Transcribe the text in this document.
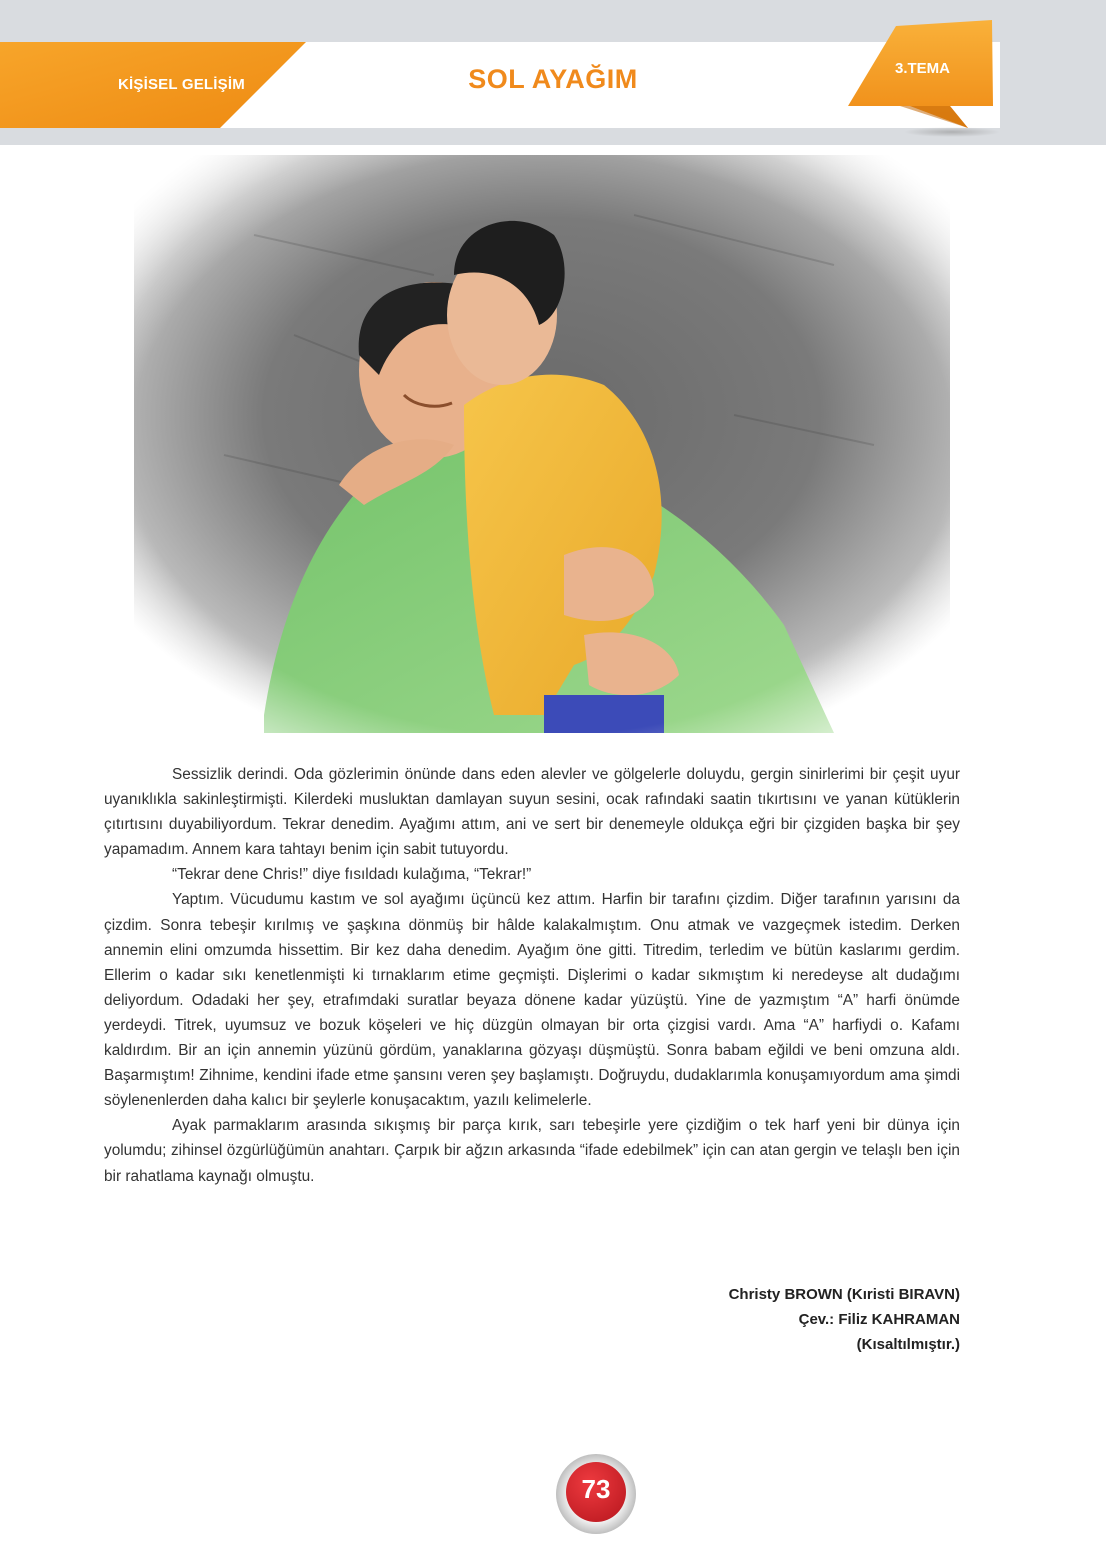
KİŞİSEL GELİŞİM	SOL AYAĞIM	3.TEMA

Sessizlik derindi. Oda gözlerimin önünde dans eden alevler ve gölgelerle doluydu, gergin sinirlerimi bir çeşit uyur uyanıklıkla sakinleştirmişti. Kilerdeki musluktan damlayan suyun sesini, ocak rafındaki saatin tıkırtısını ve yanan kütüklerin çıtırtısını duyabiliyordum. Tekrar denedim. Ayağımı attım, ani ve sert bir denemeyle oldukça eğri bir çizgiden başka bir şey yapamadım. Annem kara tahtayı benim için sabit tutuyordu.

“Tekrar dene Chris!” diye fısıldadı kulağıma, “Tekrar!”

Yaptım. Vücudumu kastım ve sol ayağımı üçüncü kez attım. Harfin bir tarafını çizdim. Diğer tarafının yarısını da çizdim. Sonra tebeşir kırılmış ve şaşkına dönmüş bir hâlde kalakalmıştım. Onu atmak ve vazgeçmek istedim. Derken annemin elini omzumda hissettim. Bir kez daha denedim. Ayağım öne gitti. Titredim, terledim ve bütün kaslarımı gerdim. Ellerim o kadar sıkı kenetlenmişti ki tırnaklarım etime geçmişti. Dişlerimi o kadar sıkmıştım ki neredeyse alt dudağımı deliyordum. Odadaki her şey, etrafımdaki suratlar beyaza dönene kadar yüzüştü. Yine de yazmıştım “A” harfi önümde yerdeydi. Titrek, uyumsuz ve bozuk köşeleri ve hiç düzgün olmayan bir orta çizgisi vardı. Ama “A” harfiydi o. Kafamı kaldırdım. Bir an için annemin yüzünü gördüm, yanaklarına gözyaşı düşmüştü. Sonra babam eğildi ve beni omzuna aldı. Başarmıştım! Zihnime, kendini ifade etme şansını veren şey başlamıştı. Doğruydu, dudaklarımla konuşamıyordum ama şimdi söylenenlerden daha kalıcı bir şeylerle konuşacaktım, yazılı kelimelerle.

Ayak parmaklarım arasında sıkışmış bir parça kırık, sarı tebeşirle yere çizdiğim o tek harf yeni bir dünya için yolumdu; zihinsel özgürlüğümün anahtarı. Çarpık bir ağzın arkasında “ifade edebilmek” için can atan gergin ve telaşlı ben için bir rahatlama kaynağı olmuştu.

Christy BROWN (Kıristi BIRAVN)
Çev.: Filiz KAHRAMAN
(Kısaltılmıştır.)
73
